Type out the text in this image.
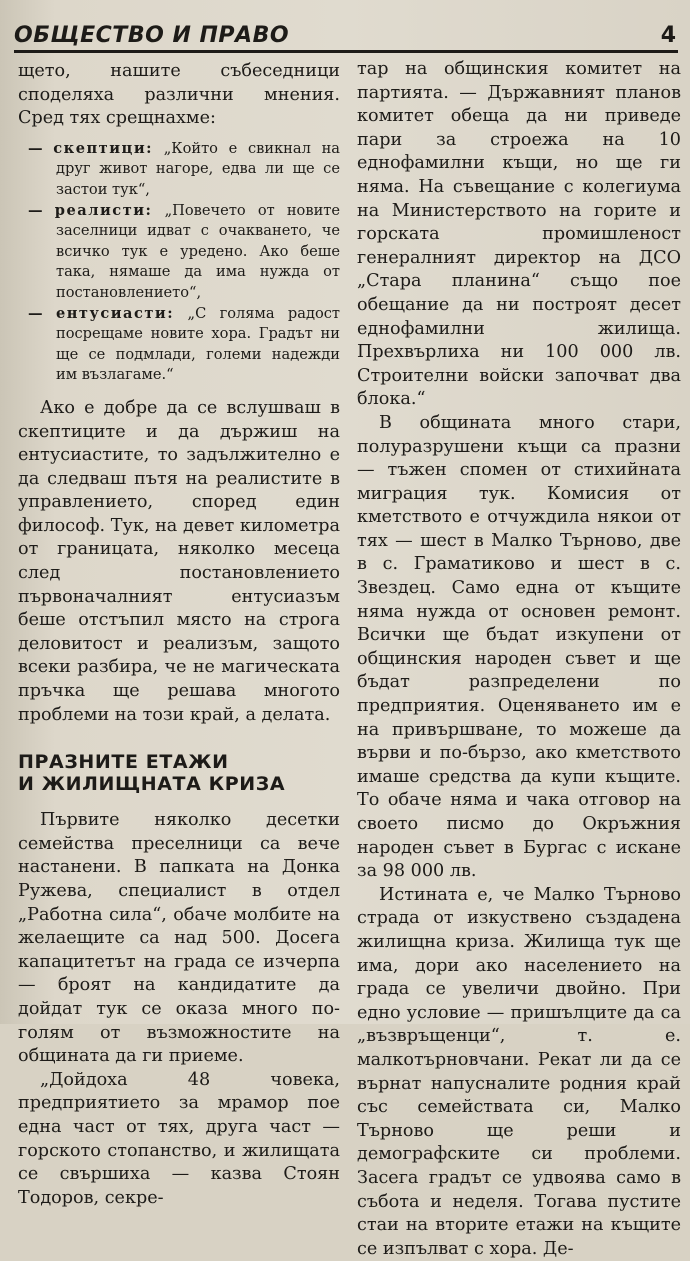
ОБЩЕСТВО И ПРАВО	4

щето, нашите събеседници споделяха различни мнения. Сред тях срещнахме:

— скептици: „Който е свикнал на друг живот нагоре, едва ли ще се застои тук“,
— реалисти: „Повечето от новите заселници идват с очакването, че всичко тук е уредено. Ако беше така, нямаше да има нужда от постановлението“,
— ентусиасти: „С голяма радост посрещаме новите хора. Градът ни ще се подмлади, големи надежди им възлагаме.“

Ако е добре да се вслушваш в скептиците и да държиш на ентусиастите, то задължително е да следваш пътя на реалистите в управлението, според един философ. Тук, на девет километра от границата, няколко месеца след постановлението първоначалният ентусиазъм беше отстъпил място на строга деловитост и реализъм, защото всеки разбира, че не магическата пръчка ще решава многото проблеми на този край, а делата.

ПРАЗНИТЕ ЕТАЖИ
И ЖИЛИЩНАТА КРИЗА

Първите няколко десетки семейства преселници са вече настанени. В папката на Донка Ружева, специалист в отдел „Работна сила“, обаче молбите на желаещите са над 500. Досега капацитетът на града се изчерпа — броят на кандидатите да дойдат тук се оказа много по-голям от възможностите на общината да ги приеме.

„Дойдоха 48 човека, предприятието за мрамор пое една част от тях, друга част — горското стопанство, и жилищата се свършиха — казва Стоян Тодоров, секре-

тар на общинския комитет на партията. — Държавният планов комитет обеща да ни приведе пари за строежа на 10 еднофамилни къщи, но ще ги няма. На съвещание с колегиума на Министерството на горите и горската промишленост генералният директор на ДСО „Стара планина“ също пое обещание да ни построят десет еднофамилни жилища. Прехвърлиха ни 100 000 лв. Строителни войски започват два блока.“

В общината много стари, полуразрушени къщи са празни — тъжен спомен от стихийната миграция тук. Комисия от кметството е отчуждила някои от тях — шест в Малко Търново, две в с. Граматиково и шест в с. Звездец. Само една от къщите няма нужда от основен ремонт. Всички ще бъдат изкупени от общинския народен съвет и ще бъдат разпределени по предприятия. Оценяването им е на привършване, то можеше да върви и по-бързо, ако кметството имаше средства да купи къщите. То обаче няма и чака отговор на своето писмо до Окръжния народен съвет в Бургас с искане за 98 000 лв.

Истината е, че Малко Търново страда от изкуствено създадена жилищна криза. Жилища тук ще има, дори ако населението на града се увеличи двойно. При едно условие — пришълците да са „възвръщенци“, т. е. малкотърновчани. Рекат ли да се върнат напусналите родния край със семействата си, Малко Търново ще реши и демографските си проблеми. Засега градът се удвоява само в събота и неделя. Тогава пустите стаи на вторите етажи на къщите се изпълват с хора. Де-
